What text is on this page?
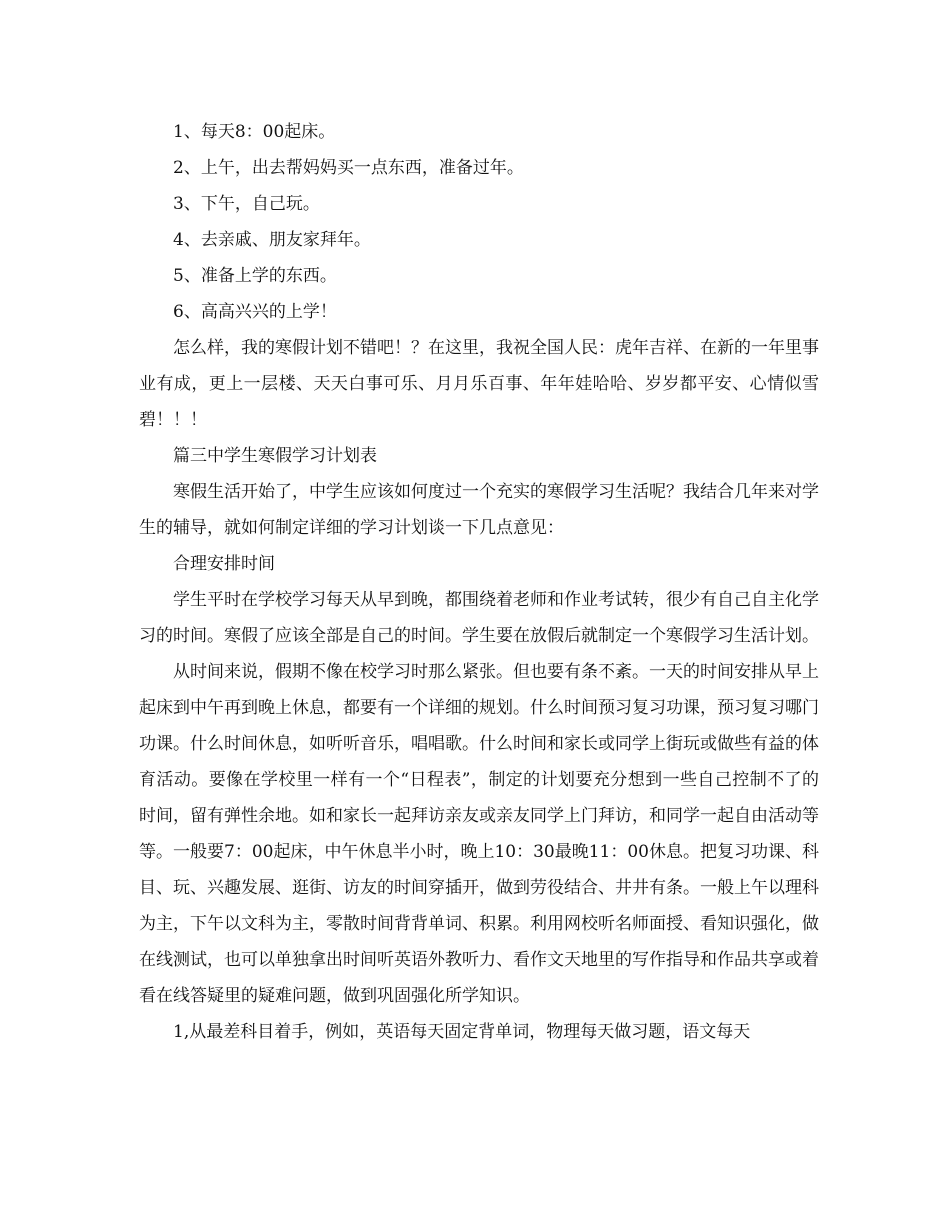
1、每天8：00起床。

2、上午，出去帮妈妈买一点东西，准备过年。

3、下午，自己玩。

4、去亲戚、朋友家拜年。

5、准备上学的东西。

6、高高兴兴的上学！

怎么样，我的寒假计划不错吧！？在这里，我祝全国人民：虎年吉祥、在新的一年里事业有成，更上一层楼、天天白事可乐、月月乐百事、年年娃哈哈、岁岁都平安、心情似雪碧！！！

篇三中学生寒假学习计划表

寒假生活开始了，中学生应该如何度过一个充实的寒假学习生活呢？我结合几年来对学生的辅导，就如何制定详细的学习计划谈一下几点意见：

合理安排时间

学生平时在学校学习每天从早到晚，都围绕着老师和作业考试转，很少有自己自主化学习的时间。寒假了应该全部是自己的时间。学生要在放假后就制定一个寒假学习生活计划。

从时间来说，假期不像在校学习时那么紧张。但也要有条不紊。一天的时间安排从早上起床到中午再到晚上休息，都要有一个详细的规划。什么时间预习复习功课，预习复习哪门功课。什么时间休息，如听听音乐，唱唱歌。什么时间和家长或同学上街玩或做些有益的体育活动。要像在学校里一样有一个“日程表”，制定的计划要充分想到一些自己控制不了的时间，留有弹性余地。如和家长一起拜访亲友或亲友同学上门拜访，和同学一起自由活动等等。一般要7：00起床，中午休息半小时，晚上10：30最晚11：00休息。把复习功课、科目、玩、兴趣发展、逛街、访友的时间穿插开，做到劳役结合、井井有条。一般上午以理科为主，下午以文科为主，零散时间背背单词、积累。利用网校听名师面授、看知识强化，做在线测试，也可以单独拿出时间听英语外教听力、看作文天地里的写作指导和作品共享或着看在线答疑里的疑难问题，做到巩固强化所学知识。

1,从最差科目着手，例如，英语每天固定背单词，物理每天做习题，语文每天
